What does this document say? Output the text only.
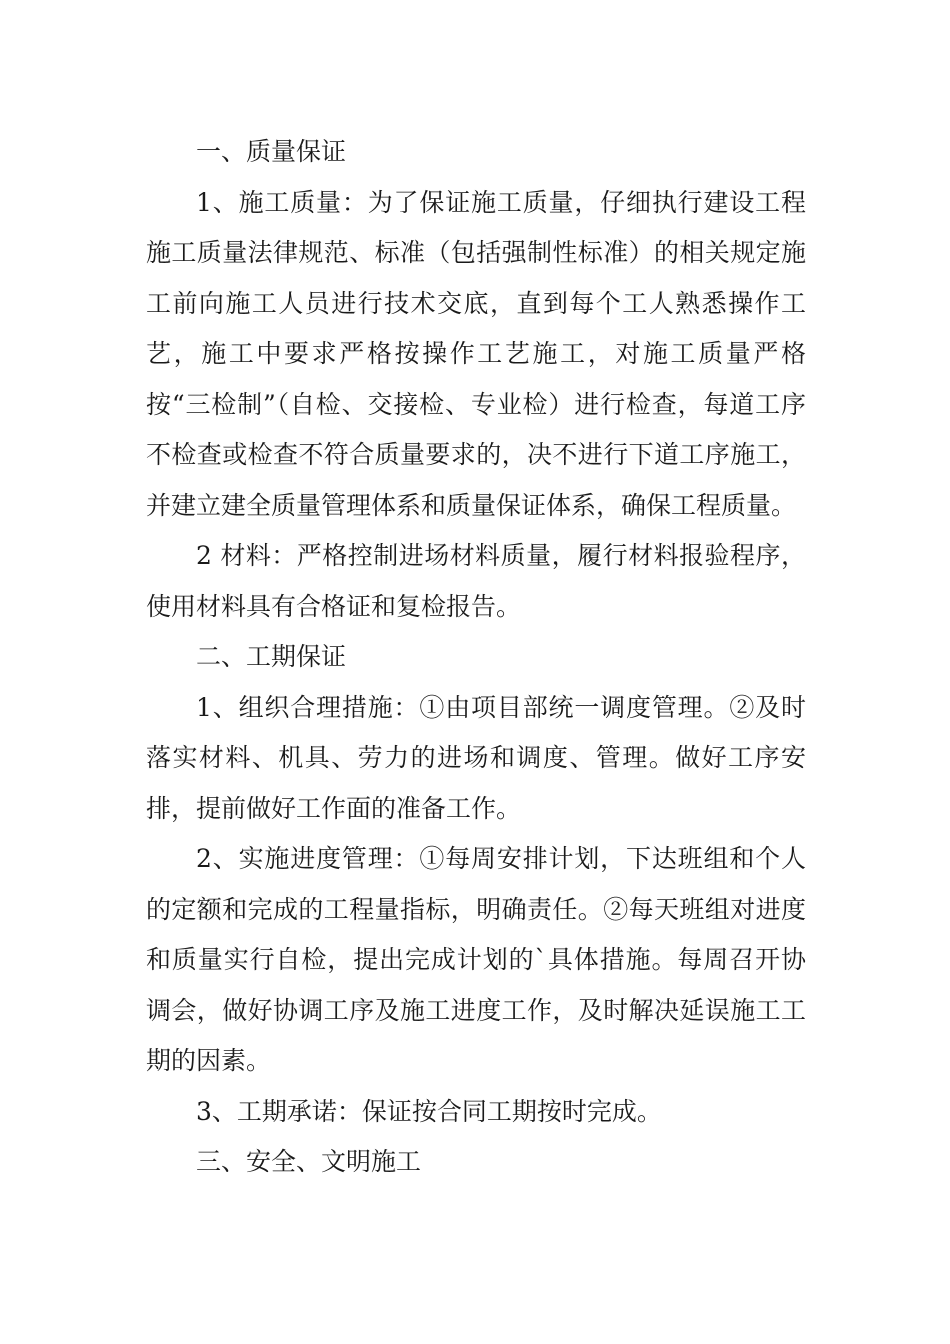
一、质量保证

1、施工质量：为了保证施工质量，仔细执行建设工程施工质量法律规范、标准（包括强制性标准）的相关规定施工前向施工人员进行技术交底，直到每个工人熟悉操作工艺，施工中要求严格按操作工艺施工，对施工质量严格按“三检制”（自检、交接检、专业检）进行检查，每道工序不检查或检查不符合质量要求的，决不进行下道工序施工，并建立建全质量管理体系和质量保证体系，确保工程质量。

2 材料：严格控制进场材料质量，履行材料报验程序，使用材料具有合格证和复检报告。

二、工期保证

1、组织合理措施：①由项目部统一调度管理。②及时落实材料、机具、劳力的进场和调度、管理。做好工序安排，提前做好工作面的准备工作。

2、实施进度管理：①每周安排计划，下达班组和个人的定额和完成的工程量指标，明确责任。②每天班组对进度和质量实行自检，提出完成计划的`具体措施。每周召开协调会，做好协调工序及施工进度工作，及时解决延误施工工期的因素。

3、工期承诺：保证按合同工期按时完成。

三、安全、文明施工
